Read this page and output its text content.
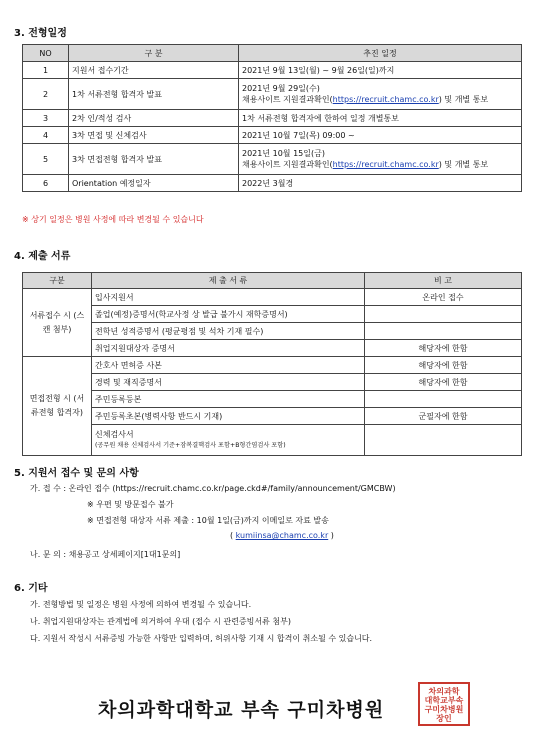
3. 전형일정
NO	구 분	추진 일정
1	지원서 접수기간	2021년 9월 13일(월) ~ 9월 26일(일)까지
2	1차 서류전형 합격자 발표	2021년 9월 29일(수)
채용사이트 지원결과확인(https://recruit.chamc.co.kr) 및 개별 통보

3	2차 인/적성 검사	1차 서류전형 합격자에 한하여 일정 개별통보
4	3차 면접 및 신체검사	2021년 10월 7일(목) 09:00 ~
5	3차 면접전형 합격자 발표	2021년 10월 15일(금)
채용사이트 지원결과확인(https://recruit.chamc.co.kr) 및 개별 통보

6	Orientation 예정일자	2022년 3월경
※ 상기 일정은 병원 사정에 따라 변경될 수 있습니다
4. 제출 서류
구분	제 출 서 류	비 고
서류접수 시 (스캔 첨부)	입사지원서	온라인 접수
	졸업(예정)증명서(학교사정 상 발급 불가시 재학증명서)	
	전학년 성적증명서 (평균평점 및 석차 기재 필수)	
	취업지원대상자 증명서	해당자에 한함
면접전형 시 (서류전형 합격자)	간호사 면허증 사본	해당자에 한함
	경력 및 재직증명서	해당자에 한함
	주민등록등본	
	주민등록초본(병력사항 반드시 기재)	군필자에 한함

	신체검사서
(공무원 채용 신체검사서 기준+잠복결핵검사 포함+B형간염검사 포함)	

5. 지원서 접수 및 문의 사항
가. 접 수 : 온라인 접수 (https://recruit.chamc.co.kr/page.ckd#/family/announcement/GMCBW)
※ 우편 및 방문접수 불가
※ 면접전형 대상자 서류 제출 : 10월 1일(금)까지 이메일로 자료 발송
( kumiinsa@chamc.co.kr )
나. 문 의 : 채용공고 상세페이지[1대1문의]
6. 기타
가. 전형방법 및 일정은 병원 사정에 의하여 변경될 수 있습니다.
나. 취업지원대상자는 관계법에 의거하여 우대 (접수 시 관련증빙서류 첨부)
다. 지원서 작성시 서류증빙 가능한 사항만 입력하며, 허위사항 기재 시 합격이 취소될 수 있습니다.
차의과학대학교 부속 구미차병원
차의과학
대학교부속
구미차병원
장인
